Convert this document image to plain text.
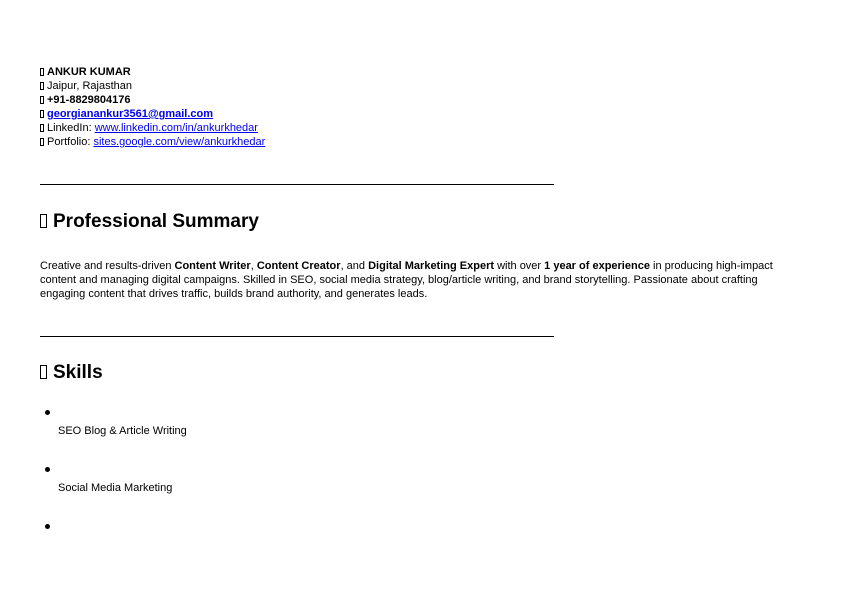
ANKUR KUMAR
Jaipur, Rajasthan
+91-8829804176
georgianankur3561@gmail.com
LinkedIn: www.linkedin.com/in/ankurkhedar
Portfolio: sites.google.com/view/ankurkhedar
Professional Summary
Creative and results-driven Content Writer, Content Creator, and Digital Marketing Expert with over 1 year of experience in producing high-impact content and managing digital campaigns. Skilled in SEO, social media strategy, blog/article writing, and brand storytelling. Passionate about crafting engaging content that drives traffic, builds brand authority, and generates leads.
Skills
SEO Blog & Article Writing
Social Media Marketing
